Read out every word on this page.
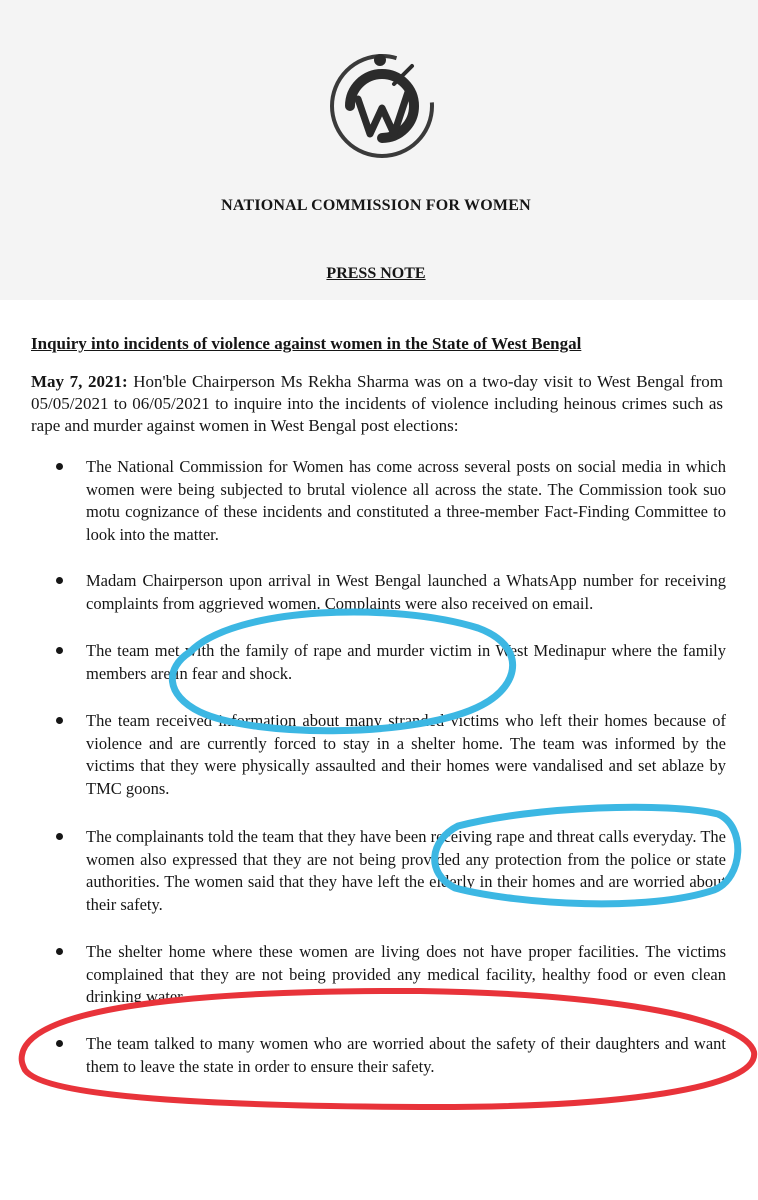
NATIONAL COMMISSION FOR WOMEN
PRESS NOTE
Inquiry into incidents of violence against women in the State of West Bengal
May 7, 2021: Hon'ble Chairperson Ms Rekha Sharma was on a two-day visit to West Bengal from 05/05/2021 to 06/05/2021 to inquire into the incidents of violence including heinous crimes such as rape and murder against women in West Bengal post elections:
The National Commission for Women has come across several posts on social media in which women were being subjected to brutal violence all across the state. The Commission took suo motu cognizance of these incidents and constituted a three-member Fact-Finding Committee to look into the matter.
Madam Chairperson upon arrival in West Bengal launched a WhatsApp number for receiving complaints from aggrieved women. Complaints were also received on email.
The team met with the family of rape and murder victim in West Medinapur where the family members are in fear and shock.
The team received information about many stranded victims who left their homes because of violence and are currently forced to stay in a shelter home. The team was informed by the victims that they were physically assaulted and their homes were vandalised and set ablaze by TMC goons.
The complainants told the team that they have been receiving rape and threat calls everyday. The women also expressed that they are not being provided any protection from the police or state authorities. The women said that they have left the elderly in their homes and are worried about their safety.
The shelter home where these women are living does not have proper facilities. The victims complained that they are not being provided any medical facility, healthy food or even clean drinking water.
The team talked to many women who are worried about the safety of their daughters and want them to leave the state in order to ensure their safety.
